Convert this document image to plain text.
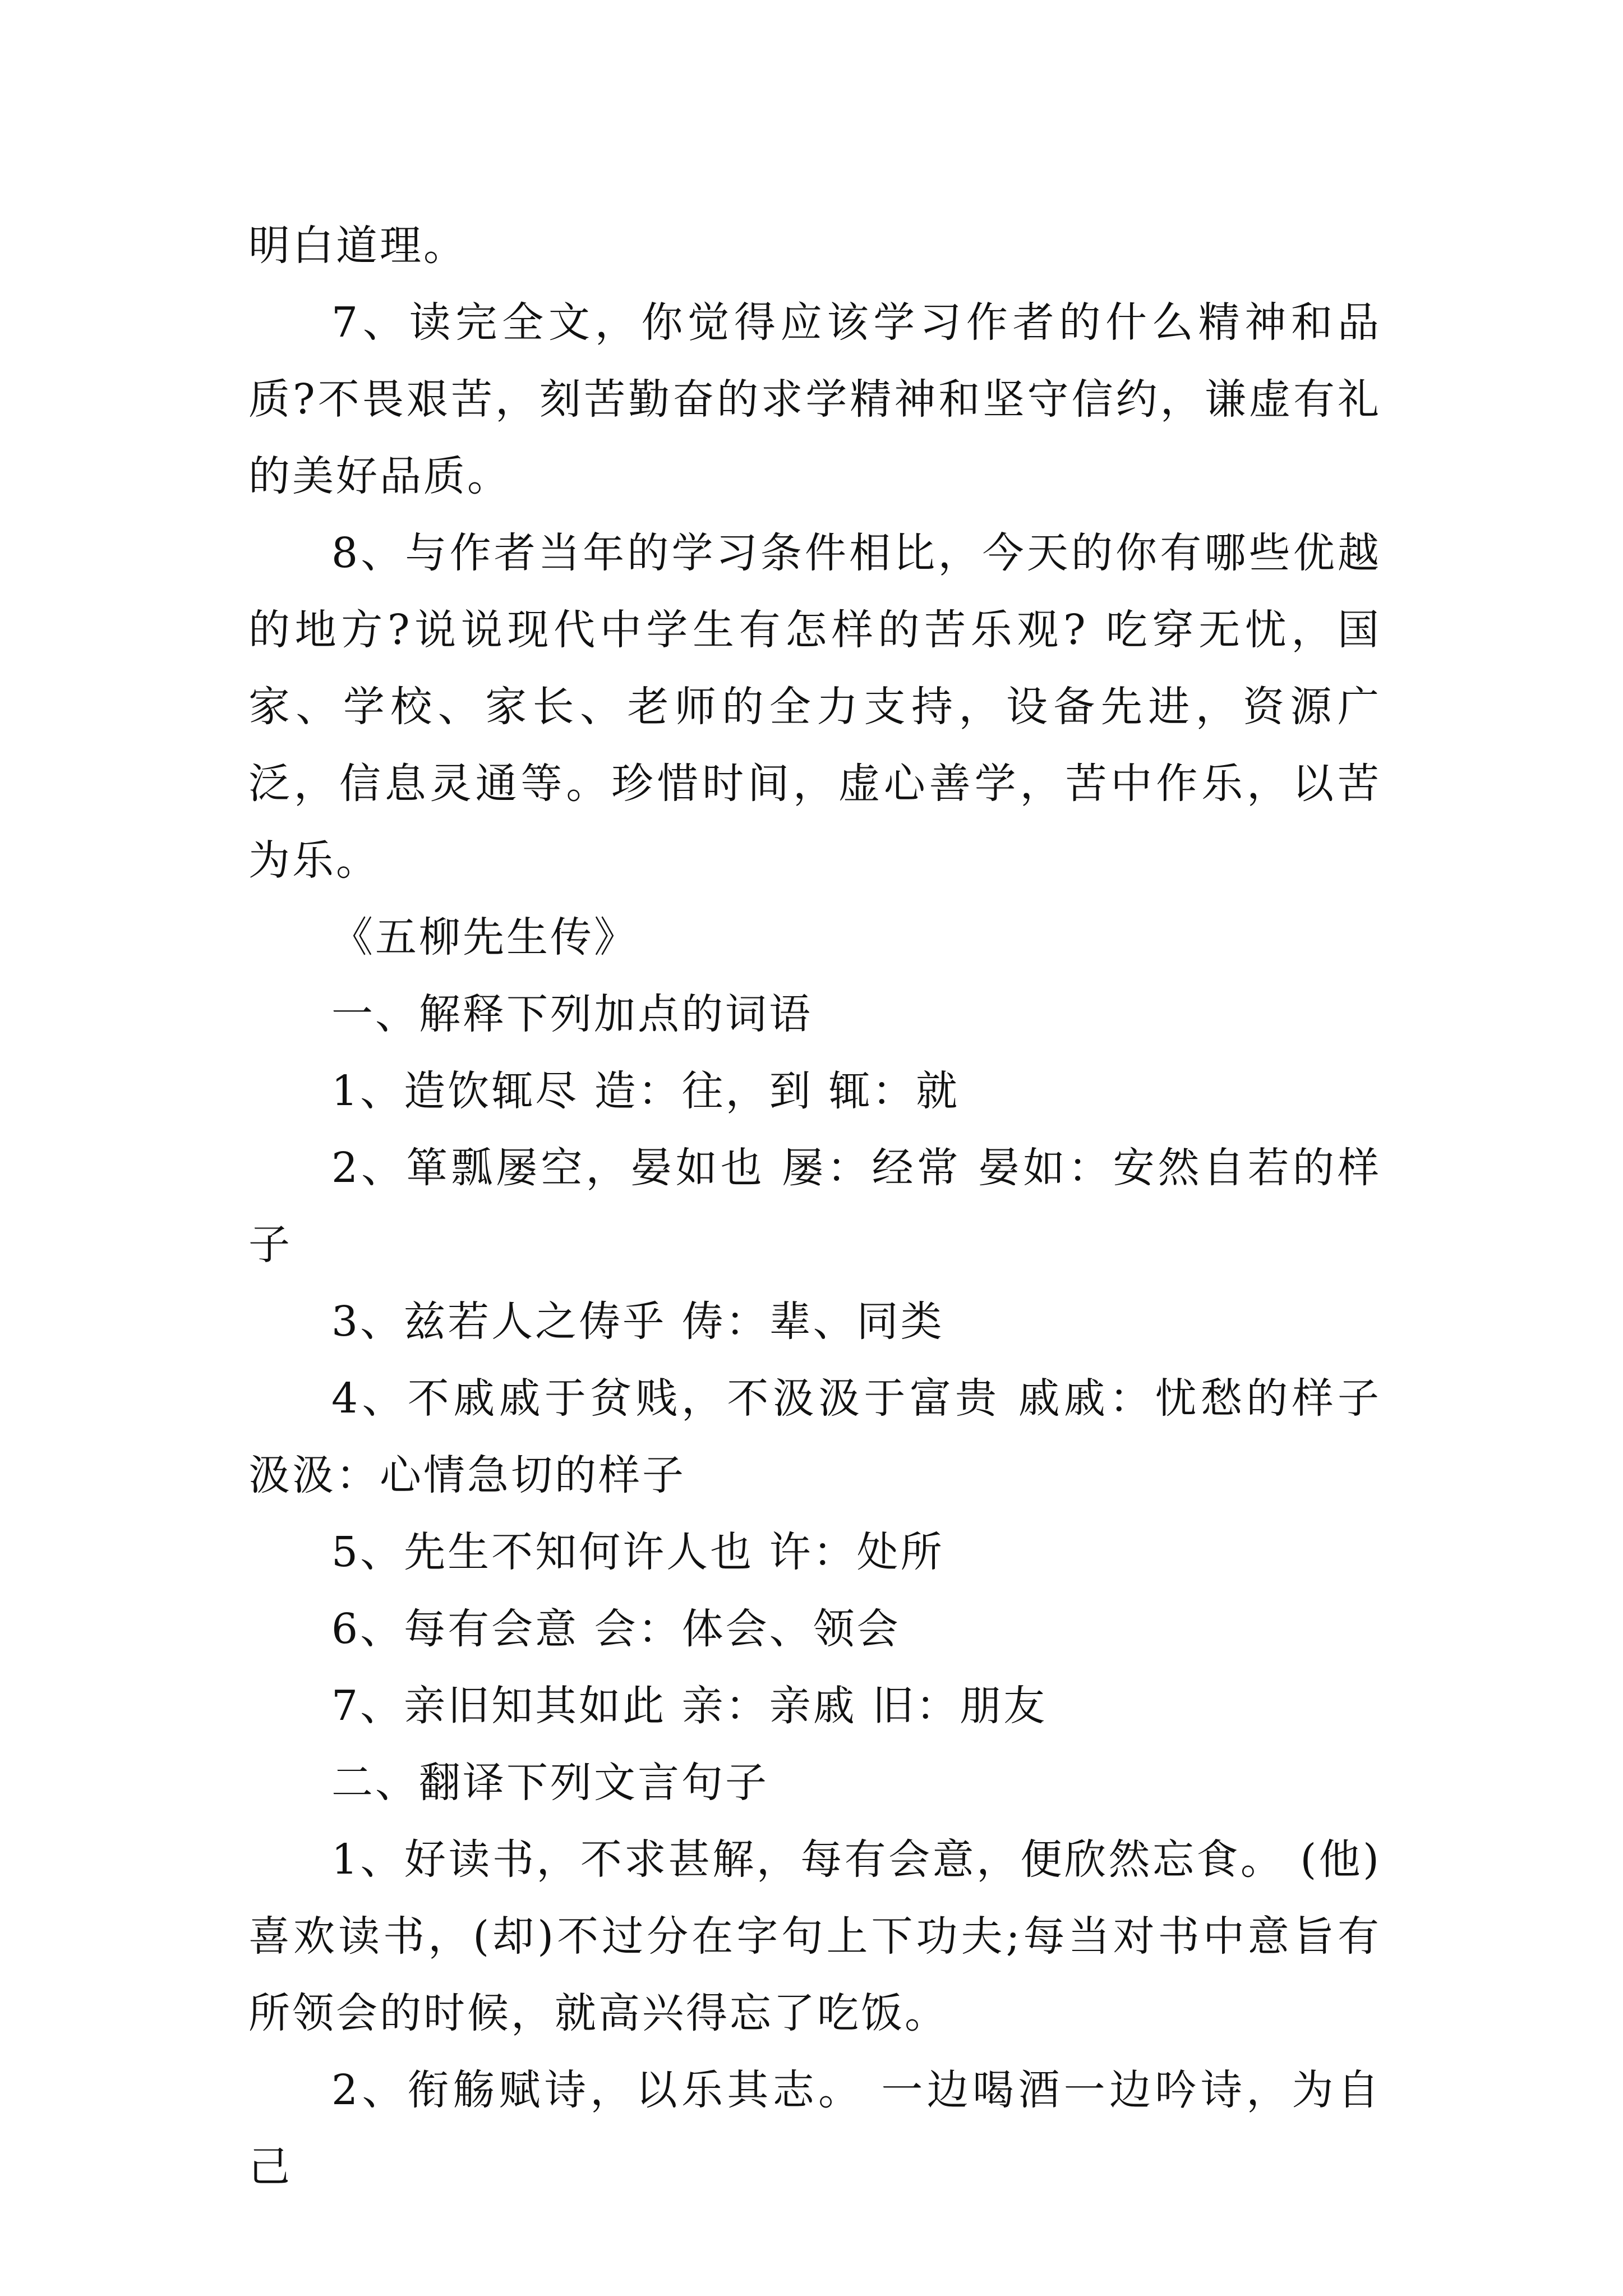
明白道理。

7、读完全文，你觉得应该学习作者的什么精神和品质?不畏艰苦，刻苦勤奋的求学精神和坚守信约，谦虚有礼的美好品质。

8、与作者当年的学习条件相比，今天的你有哪些优越的地方?说说现代中学生有怎样的苦乐观? 吃穿无忧，国家、学校、家长、老师的全力支持，设备先进，资源广泛，信息灵通等。珍惜时间，虚心善学，苦中作乐，以苦为乐。

《五柳先生传》

一、解释下列加点的词语

1、造饮辄尽 造：往，到 辄：就

2、箪瓢屡空，晏如也 屡：经常 晏如：安然自若的样子

3、兹若人之俦乎 俦：辈、同类

4、不戚戚于贫贱，不汲汲于富贵 戚戚：忧愁的样子汲汲：心情急切的样子

5、先生不知何许人也 许：处所

6、每有会意 会：体会、领会

7、亲旧知其如此 亲：亲戚 旧：朋友

二、翻译下列文言句子

1、好读书，不求甚解，每有会意，便欣然忘食。 (他)喜欢读书，(却)不过分在字句上下功夫;每当对书中意旨有所领会的时候，就高兴得忘了吃饭。

2、衔觞赋诗，以乐其志。 一边喝酒一边吟诗，为自己
